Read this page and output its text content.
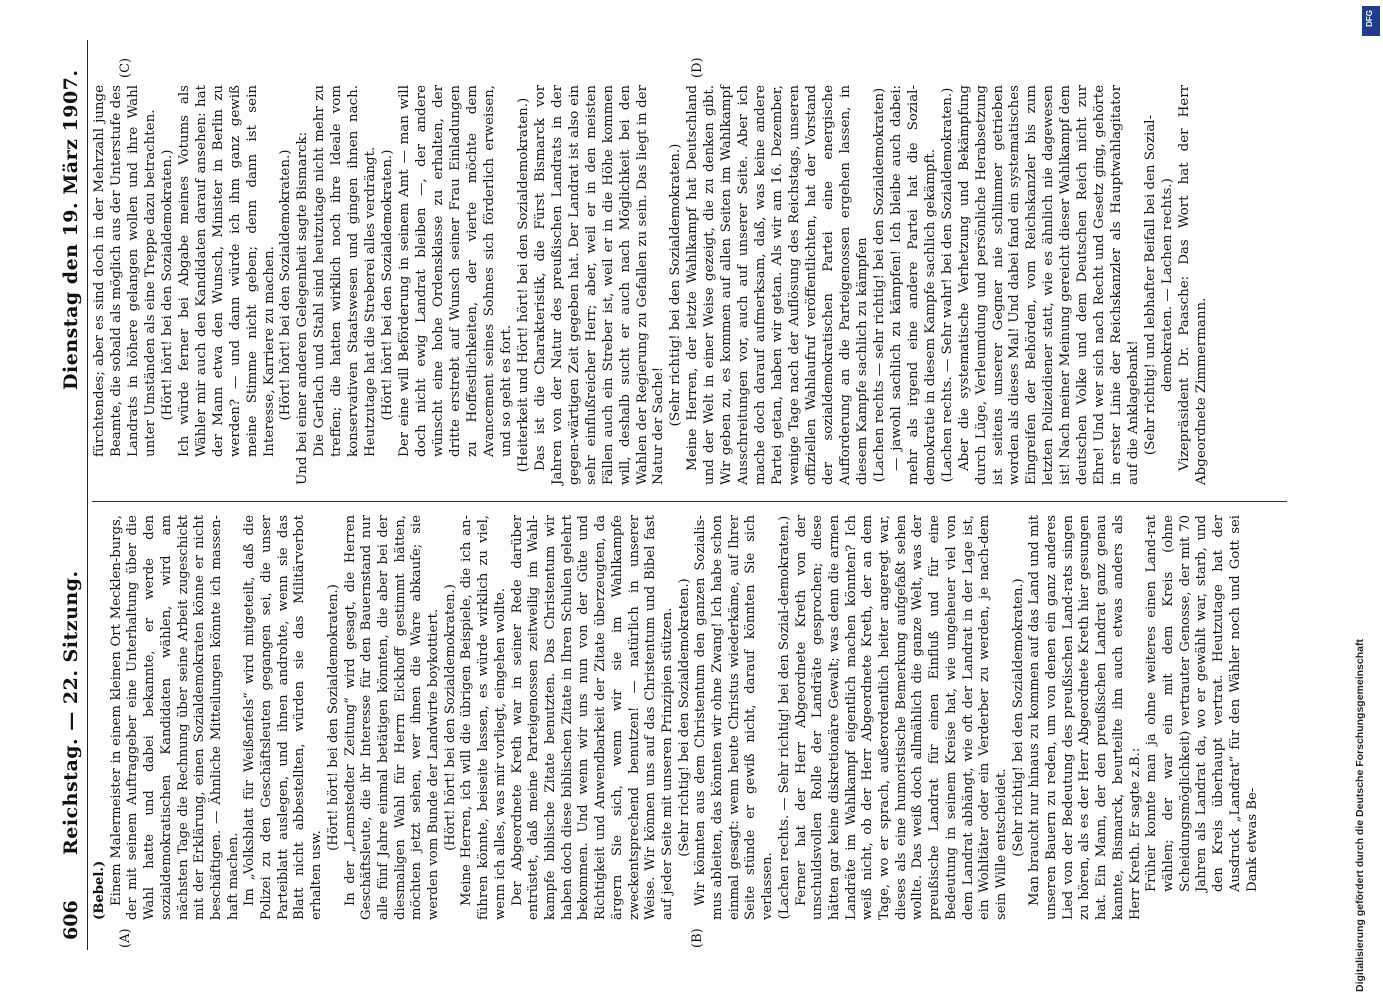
606
Reichstag. — 22. Sitzung.
Dienstag den 19. März 1907.
(A)	(B)
(C)	(D)

(Bebel.) Einem Malermeister in einem kleinen Ort Mecklen-burgs, der mit seinem Auftraggeber eine Unterhaltung über die Wahl hatte und dabei bekannte, er werde den sozialdemokratischen Kandidaten wählen, wird am nächsten Tage die Rechnung über seine Arbeit zugeschickt mit der Erklärung, einen Sozialdemokraten könne er nicht beschäftigen. — Ähnliche Mitteilungen könnte ich massen-haft machen. Im „Volksblatt für Weißenfels“ wird mitgeteilt, daß die Polizei zu den Geschäftsleuten gegangen sei, die unser Parteiblatt auslegen, und ihnen androhte, wenn sie das Blatt nicht abbestellten, würden sie das Militärverbot erhalten usw.

(Hört! hört! bei den Sozialdemokraten.) In der „Lennstedter Zeitung“ wird gesagt, die Herren Geschäftsleute, die ihr Interesse für den Bauernstand nur alle fünf Jahre einmal betätigen könnten, die aber bei der diesmaligen Wahl für Herrn Eickhoff gestimmt hätten, möchten jetzt sehen, wer ihnen die Ware abkaufe; sie werden vom Bunde der Landwirte boykottiert. (Hört! hört! bei den Sozialdemokraten.) Meine Herren, ich will die übrigen Beispiele, die ich an-führen könnte, beiseite lassen, es würde wirklich zu viel, wenn ich alles, was mir vorliegt, eingehen wollte. Der Abgeordnete Kreth war in seiner Rede darüber entrüstet, daß meine Parteigenossen zeitweilig im Wahl-kampfe biblische Zitate benutzten. Das Christentum wir haben doch diese biblischen Zitate in Ihren Schulen gelehrt bekommen. Und wenn wir uns nun von der Güte und Richtigkeit und Anwendbarkeit der Zitate überzeugten, da ärgern Sie sich, wenn wir sie im Wahlkampfe zweckentsprechend benutzen! — natürlich in unserer Weise. Wir können uns auf das Christentum und Bibel fast auf jeder Seite mit unseren Prinzipien stützen. (Sehr richtig! bei den Sozialdemokraten.) Wir könnten aus dem Christentum den ganzen Sozialis-mus ableiten, das könnten wir ohne Zwang! Ich habe schon einmal gesagt: wenn heute Christus wiederkäme, auf Ihrer Seite stünde er gewiß nicht, darauf könnten Sie sich verlassen. (Lachen rechts. — Sehr richtig! bei den Sozial-demokraten.) Ferner hat der Herr Abgeordnete Kreth von der unschuldsvollen Rolle der Landräte gesprochen; diese hätten gar keine diskretionäre Gewalt; was denn die armen Landräte im Wahlkampf eigentlich machen könnten? Ich weiß nicht, ob der Herr Abgeordnete Kreth, der an dem Tage, wo er sprach, außerordentlich heiter angeregt war, dieses als eine humoristische Bemerkung aufgefaßt sehen wollte. Das weiß doch allmählich die ganze Welt, was der preußische Landrat für einen Einfluß und für eine Bedeutung in seinem Kreise hat, wie ungeheuer viel von dem Landrat abhängt, wie oft der Landrat in der Lage ist, ein Wohltäter oder ein Verderber zu werden, je nach-dem sein Wille entscheidet. (Sehr richtig! bei den Sozialdemokraten.) Man braucht nur hinaus zu kommen auf das Land und mit unseren Bauern zu reden, um von denen ein ganz anderes Lied von der Bedeutung des preußischen Land-rats singen zu hören, als es der Herr Abgeordnete Kreth hier gesungen hat. Ein Mann, der den preußischen Landrat ganz genau kannte, Bismarck, beurteilte ihn auch etwas anders als Herr Kreth. Er sagte z.B.: Früher konnte man ja ohne weiteres einen Land-rat wählen; der war ein mit dem Kreis (ohne Scheidungsmöglichkeit) vertrauter Genosse, der mit 70 Jahren als Landrat da, wo er gewählt war, starb, und den Kreis überhaupt vertrat. Heutzutage hat der Ausdruck „Landrat“ für den Wähler noch und Gott sei Dank etwas Be-

fürchtendes; aber es sind doch in der Mehrzahl junge Beamte, die sobald als möglich aus der Unterstufe des Landrats in höhere gelangen wollen und ihre Wahl unter Umständen als eine Treppe dazu betrachten. (Hört! hört! bei den Sozialdemokraten.) Ich würde ferner bei Abgabe meines Votums als Wähler mir auch den Kandidaten darauf ansehen: hat der Mann etwa den Wunsch, Minister in Berlin zu werden? — und dann würde ich ihm ganz gewiß meine Stimme nicht geben; denn dann ist sein Interesse, Karriere zu machen. (Hört! hört! bei den Sozialdemokraten.) Und bei einer anderen Gelegenheit sagte Bismarck: Die Gerlach und Stahl sind heutzutage nicht mehr zu treffen; die hatten wirklich noch ihre Ideale vom konservativen Staatswesen und gingen ihnen nach. Heutzutage hat die Streberei alles verdrängt. (Hört! hört! bei den Sozialdemokraten.) Der eine will Beförderung in seinem Amt — man will doch nicht ewig Landrat bleiben —, der andere wünscht eine hohe Ordensklasse zu erhalten, der dritte erstrebt auf Wunsch seiner Frau Einladungen zu Hoffestlichkeiten, der vierte möchte dem Avancement seines Sohnes sich förderlich erweisen, und so geht es fort. (Heiterkeit und Hört! hört! bei den Sozialdemokraten.) Das ist die Charakteristik, die Fürst Bismarck vor Jahren von der Natur des preußischen Landrats in der gegen-wärtigen Zeit gegeben hat. Der Landrat ist also ein sehr einflußreicher Herr; aber, weil er in den meisten Fällen auch ein Streber ist, weil er in die Höhe kommen will, deshalb sucht er auch nach Möglichkeit bei den Wahlen der Regierung zu Gefallen zu sein. Das liegt in der Natur der Sache! (Sehr richtig! bei den Sozialdemokraten.) Meine Herren, der letzte Wahlkampf hat Deutschland und der Welt in einer Weise gezeigt, die zu denken gibt. Wir geben zu, es kommen auf allen Seiten im Wahlkampf Ausschreitungen vor, auch auf unserer Seite. Aber ich mache doch darauf aufmerksam, daß, was keine andere Partei getan, haben wir getan. Als wir am 16. Dezember, wenige Tage nach der Auflösung des Reichstags, unseren offiziellen Wahlaufruf veröffentlichten, hat der Vorstand der sozialdemokratischen Partei eine energische Aufforderung an die Parteigenossen ergehen lassen, in diesem Kampfe sachlich zu kämpfen (Lachen rechts — sehr richtig! bei den Sozialdemokraten) — jawohl sachlich zu kämpfen! Ich bleibe auch dabei: mehr als irgend eine andere Partei hat die Sozial-demokratie in diesem Kampfe sachlich gekämpft. (Lachen rechts. — Sehr wahr! bei den Sozialdemokraten.) Aber die systematische Verhetzung und Bekämpfung durch Lüge, Verleumdung und persönliche Herabsetzung ist seitens unserer Gegner nie schlimmer getrieben worden als dieses Mal! Und dabei fand ein systematisches Eingreifen der Behörden, vom Reichskanzler bis zum letzten Polizeidiener statt, wie es ähnlich nie dagewesen ist! Nach meiner Meinung gereicht dieser Wahlkampf dem deutschen Volke und dem Deutschen Reich nicht zur Ehre! Und wer sich nach Recht und Gesetz ging, gehörte in erster Linie der Reichskanzler als Hauptwahlagitator auf die Anklagebank! (Sehr richtig! und lebhafter Beifall bei den Sozial-demokraten. — Lachen rechts.) Vizepräsident Dr. Paasche: Das Wort hat der Herr Abgeordnete Zimmermann.

Digitalisierung gefördert durch die Deutsche Forschungsgemeinschaft
DFG
